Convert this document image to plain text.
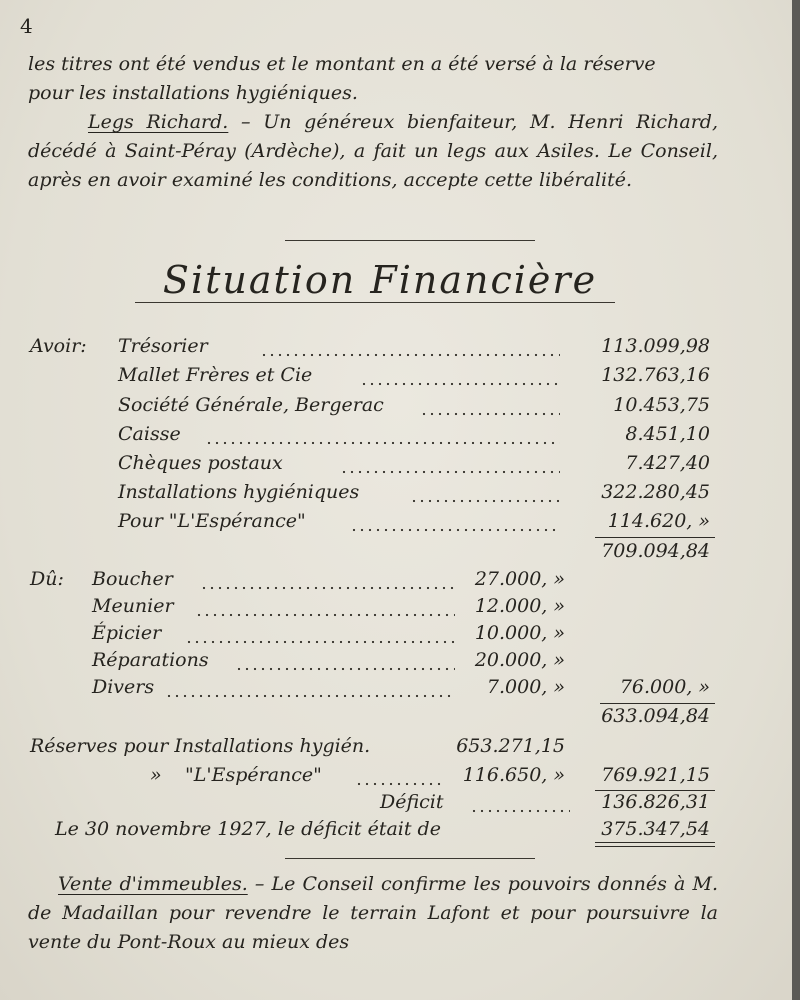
4
les titres ont été vendus et le montant en a été versé à la réserve
pour les installations hygiéniques.
Legs Richard. – Un généreux bienfaiteur, M. Henri Richard, décédé à Saint-Péray (Ardèche), a fait un legs aux Asiles. Le Conseil, après en avoir examiné les conditions, accepte cette libéralité.
Situation Financière
Avoir: Trésorier	113.099,98
Mallet Frères et Cie	132.763,16
Société Générale, Bergerac	10.453,75
Caisse	8.451,10
Chèques postaux	7.427,40
Installations hygiéniques	322.280,45
Pour "L'Espérance"	114.620, »
709.094,84
Dû: Boucher	27.000, »
Meunier	12.000, »
Épicier	10.000, »
Réparations	20.000, »
Divers	7.000, »	76.000, »
633.094,84
Réserves pour Installations hygién.	653.271,15
» "L'Espérance"	116.650, »	769.921,15
Déficit	136.826,31
Le 30 novembre 1927, le déficit était de	375.347,54
Vente d'immeubles. – Le Conseil confirme les pouvoirs donnés à M. de Madaillan pour revendre le terrain Lafont et pour poursuivre la vente du Pont-Roux au mieux des
